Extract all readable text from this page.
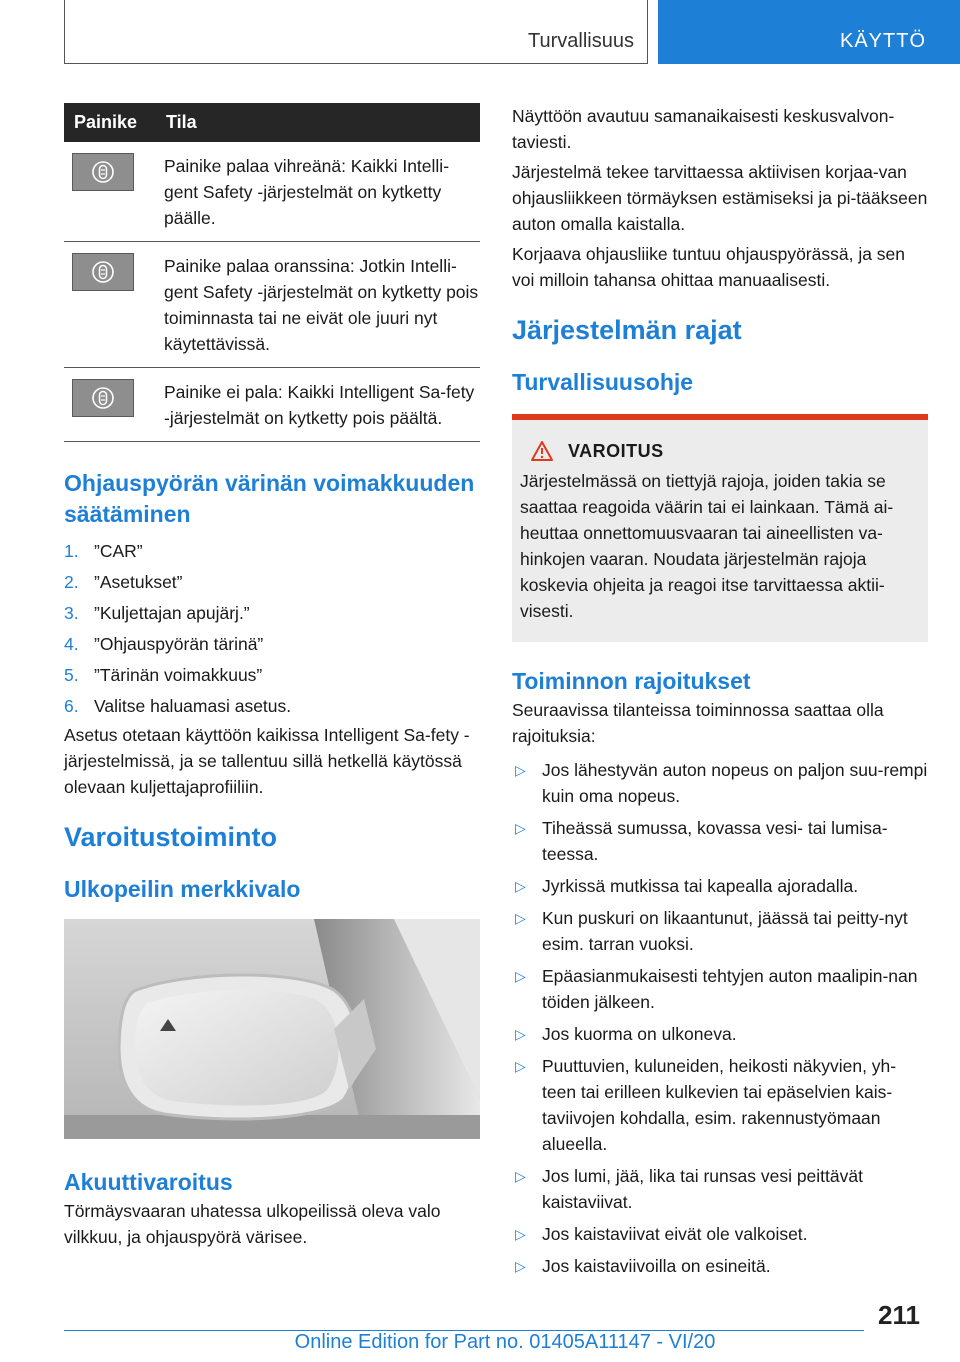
Turvallisuus	KÄYTTÖ
Painike	Tila

	Painike palaa vihreänä: Kaikki Intelli-gent Safety -järjestelmät on kytketty päälle.

	Painike palaa oranssina: Jotkin Intelli-gent Safety -järjestelmät on kytketty pois toiminnasta tai ne eivät ole juuri nyt käytettävissä.

	Painike ei pala: Kaikki Intelligent Sa-fety -järjestelmät on kytketty pois päältä.
Ohjauspyörän värinän voimakkuuden säätäminen
1. ”CAR”
2. ”Asetukset”
3. ”Kuljettajan apujärj.”
4. ”Ohjauspyörän tärinä”
5. ”Tärinän voimakkuus”
6. Valitse haluamasi asetus.

Asetus otetaan käyttöön kaikissa Intelligent Sa-fety -järjestelmissä, ja se tallentuu sillä hetkellä käytössä olevaan kuljettajaprofiiliin.

Varoitustoiminto
Ulkopeilin merkkivalo
Akuuttivaroitus

Törmäysvaaran uhatessa ulkopeilissä oleva valo vilkkuu, ja ohjauspyörä värisee.

Näyttöön avautuu samanaikaisesti keskusvalvon-taviesti.

Järjestelmä tekee tarvittaessa aktiivisen korjaa-van ohjausliikkeen törmäyksen estämiseksi ja pi-tääkseen auton omalla kaistalla.

Korjaava ohjausliike tuntuu ohjauspyörässä, ja sen voi milloin tahansa ohittaa manuaalisesti.

Järjestelmän rajat
Turvallisuusohje
VAROITUS

Järjestelmässä on tiettyjä rajoja, joiden takia se saattaa reagoida väärin tai ei lainkaan. Tämä ai-heuttaa onnettomuusvaaran tai aineellisten va-hinkojen vaaran. Noudata järjestelmän rajoja koskevia ohjeita ja reagoi itse tarvittaessa aktii-visesti.

Toiminnon rajoitukset

Seuraavissa tilanteissa toiminnossa saattaa olla rajoituksia:

▷ Jos lähestyvän auton nopeus on paljon suu-rempi kuin oma nopeus.
▷ Tiheässä sumussa, kovassa vesi- tai lumisa-teessa.
▷ Jyrkissä mutkissa tai kapealla ajoradalla.
▷ Kun puskuri on likaantunut, jäässä tai peitty-nyt esim. tarran vuoksi.
▷ Epäasianmukaisesti tehtyjen auton maalipin-nan töiden jälkeen.
▷ Jos kuorma on ulkoneva.
▷ Puuttuvien, kuluneiden, heikosti näkyvien, yh-teen tai erilleen kulkevien tai epäselvien kais-taviivojen kohdalla, esim. rakennustyömaan alueella.
▷ Jos lumi, jää, lika tai runsas vesi peittävät kaistaviivat.
▷ Jos kaistaviivat eivät ole valkoiset.
▷ Jos kaistaviivoilla on esineitä.
211
Online Edition for Part no. 01405A11147 - VI/20
